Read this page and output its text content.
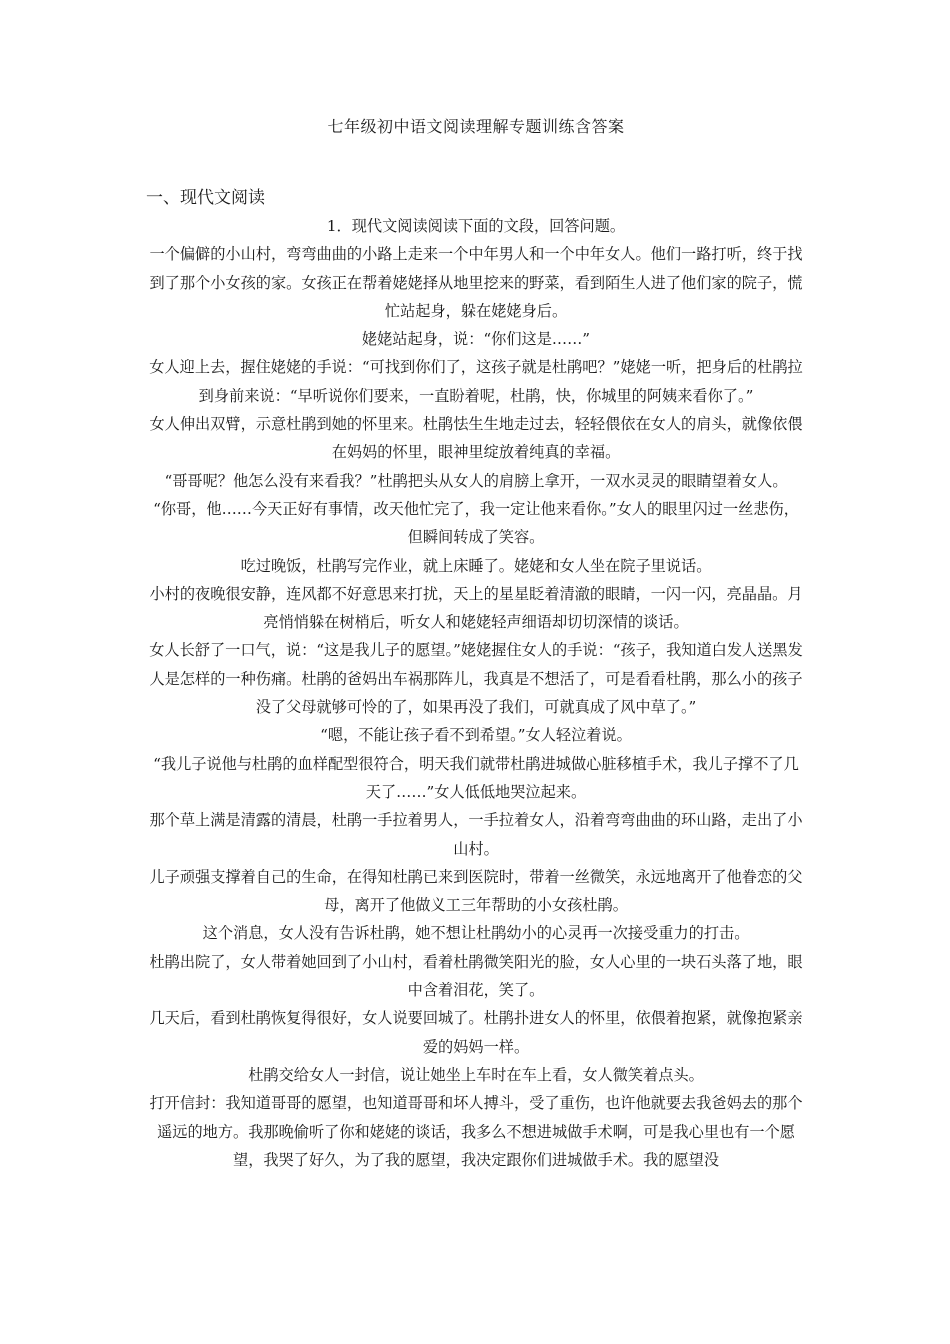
七年级初中语文阅读理解专题训练含答案
一、现代文阅读

1．现代文阅读阅读下面的文段，回答问题。

一个偏僻的小山村，弯弯曲曲的小路上走来一个中年男人和一个中年女人。他们一路打听，终于找到了那个小女孩的家。女孩正在帮着姥姥择从地里挖来的野菜，看到陌生人进了他们家的院子，慌忙站起身，躲在姥姥身后。

姥姥站起身，说：“你们这是……”

女人迎上去，握住姥姥的手说：“可找到你们了，这孩子就是杜鹃吧？”姥姥一听，把身后的杜鹃拉到身前来说：“早听说你们要来，一直盼着呢，杜鹃，快，你城里的阿姨来看你了。”

女人伸出双臂，示意杜鹃到她的怀里来。杜鹃怯生生地走过去，轻轻偎依在女人的肩头，就像依偎在妈妈的怀里，眼神里绽放着纯真的幸福。

“哥哥呢？他怎么没有来看我？”杜鹃把头从女人的肩膀上拿开，一双水灵灵的眼睛望着女人。

“你哥，他……今天正好有事情，改天他忙完了，我一定让他来看你。”女人的眼里闪过一丝悲伤，但瞬间转成了笑容。

吃过晚饭，杜鹃写完作业，就上床睡了。姥姥和女人坐在院子里说话。

小村的夜晚很安静，连风都不好意思来打扰，天上的星星眨着清澈的眼睛，一闪一闪，亮晶晶。月亮悄悄躲在树梢后，听女人和姥姥轻声细语却切切深情的谈话。

女人长舒了一口气，说：“这是我儿子的愿望。”姥姥握住女人的手说：“孩子，我知道白发人送黑发人是怎样的一种伤痛。杜鹃的爸妈出车祸那阵儿，我真是不想活了，可是看看杜鹃，那么小的孩子没了父母就够可怜的了，如果再没了我们，可就真成了风中草了。”

“嗯，不能让孩子看不到希望。”女人轻泣着说。

“我儿子说他与杜鹃的血样配型很符合，明天我们就带杜鹃进城做心脏移植手术，我儿子撑不了几天了……”女人低低地哭泣起来。

那个草上满是清露的清晨，杜鹃一手拉着男人，一手拉着女人，沿着弯弯曲曲的环山路，走出了小山村。

儿子顽强支撑着自己的生命，在得知杜鹃已来到医院时，带着一丝微笑，永远地离开了他眷恋的父母，离开了他做义工三年帮助的小女孩杜鹃。

这个消息，女人没有告诉杜鹃，她不想让杜鹃幼小的心灵再一次接受重力的打击。

杜鹃出院了，女人带着她回到了小山村，看着杜鹃微笑阳光的脸，女人心里的一块石头落了地，眼中含着泪花，笑了。

几天后，看到杜鹃恢复得很好，女人说要回城了。杜鹃扑进女人的怀里，依偎着抱紧，就像抱紧亲爱的妈妈一样。

杜鹃交给女人一封信，说让她坐上车时在车上看，女人微笑着点头。

打开信封：我知道哥哥的愿望，也知道哥哥和坏人搏斗，受了重伤，也许他就要去我爸妈去的那个遥远的地方。我那晚偷听了你和姥姥的谈话，我多么不想进城做手术啊，可是我心里也有一个愿望，我哭了好久，为了我的愿望，我决定跟你们进城做手术。我的愿望没
